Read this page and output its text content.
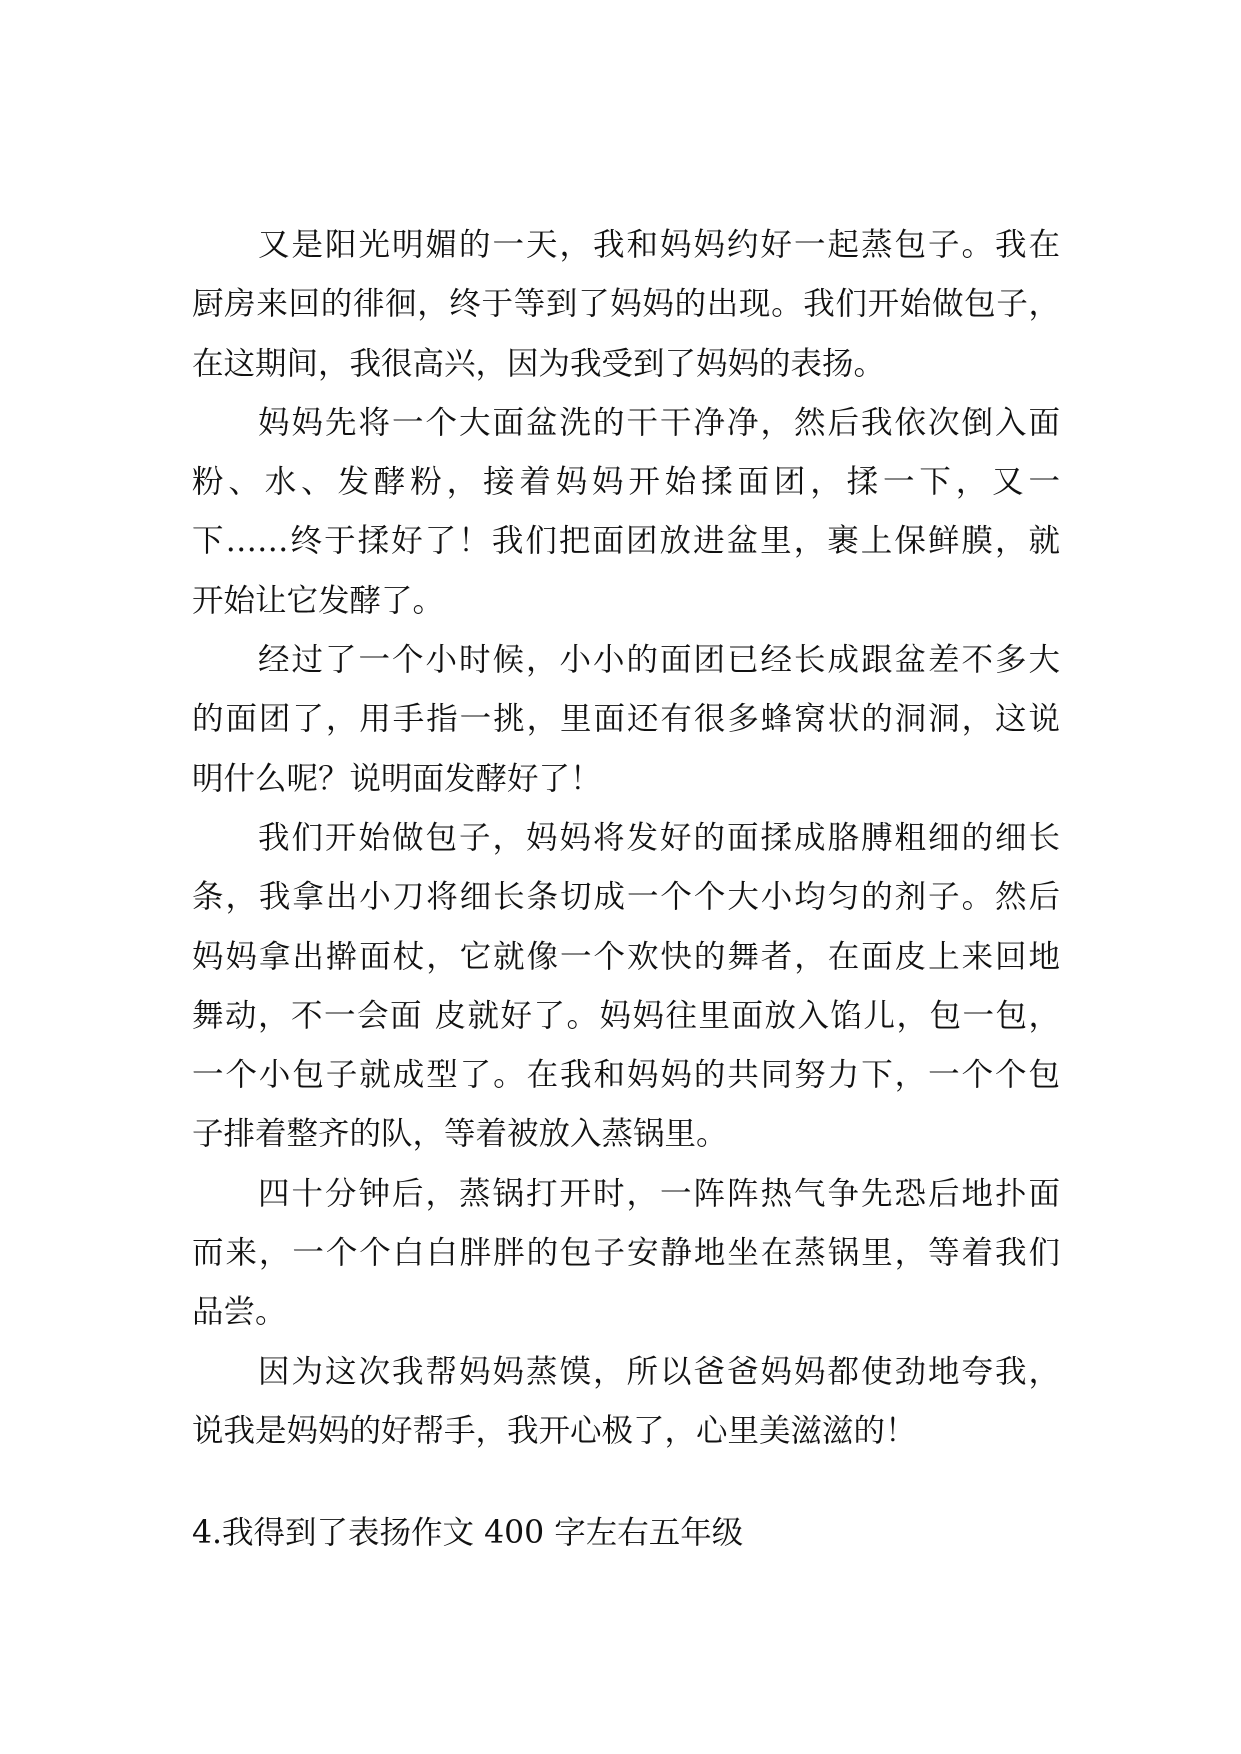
又是阳光明媚的一天，我和妈妈约好一起蒸包子。我在
厨房来回的徘徊，终于等到了妈妈的出现。我们开始做包子，
在这期间，我很高兴，因为我受到了妈妈的表扬。
妈妈先将一个大面盆洗的干干净净，然后我依次倒入面
粉、水、发酵粉，接着妈妈开始揉面团，揉一下，又一
下……终于揉好了！我们把面团放进盆里，裹上保鲜膜，就
开始让它发酵了。
经过了一个小时候，小小的面团已经长成跟盆差不多大
的面团了，用手指一挑，里面还有很多蜂窝状的洞洞，这说
明什么呢？说明面发酵好了！
我们开始做包子，妈妈将发好的面揉成胳膊粗细的细长
条，我拿出小刀将细长条切成一个个大小均匀的剂子。然后
妈妈拿出擀面杖，它就像一个欢快的舞者，在面皮上来回地
舞动，不一会面 皮就好了。妈妈往里面放入馅儿，包一包，
一个小包子就成型了。在我和妈妈的共同努力下，一个个包
子排着整齐的队，等着被放入蒸锅里。
四十分钟后，蒸锅打开时，一阵阵热气争先恐后地扑面
而来，一个个白白胖胖的包子安静地坐在蒸锅里，等着我们
品尝。
因为这次我帮妈妈蒸馍，所以爸爸妈妈都使劲地夸我，
说我是妈妈的好帮手，我开心极了，心里美滋滋的！
4.我得到了表扬作文 400 字左右五年级
